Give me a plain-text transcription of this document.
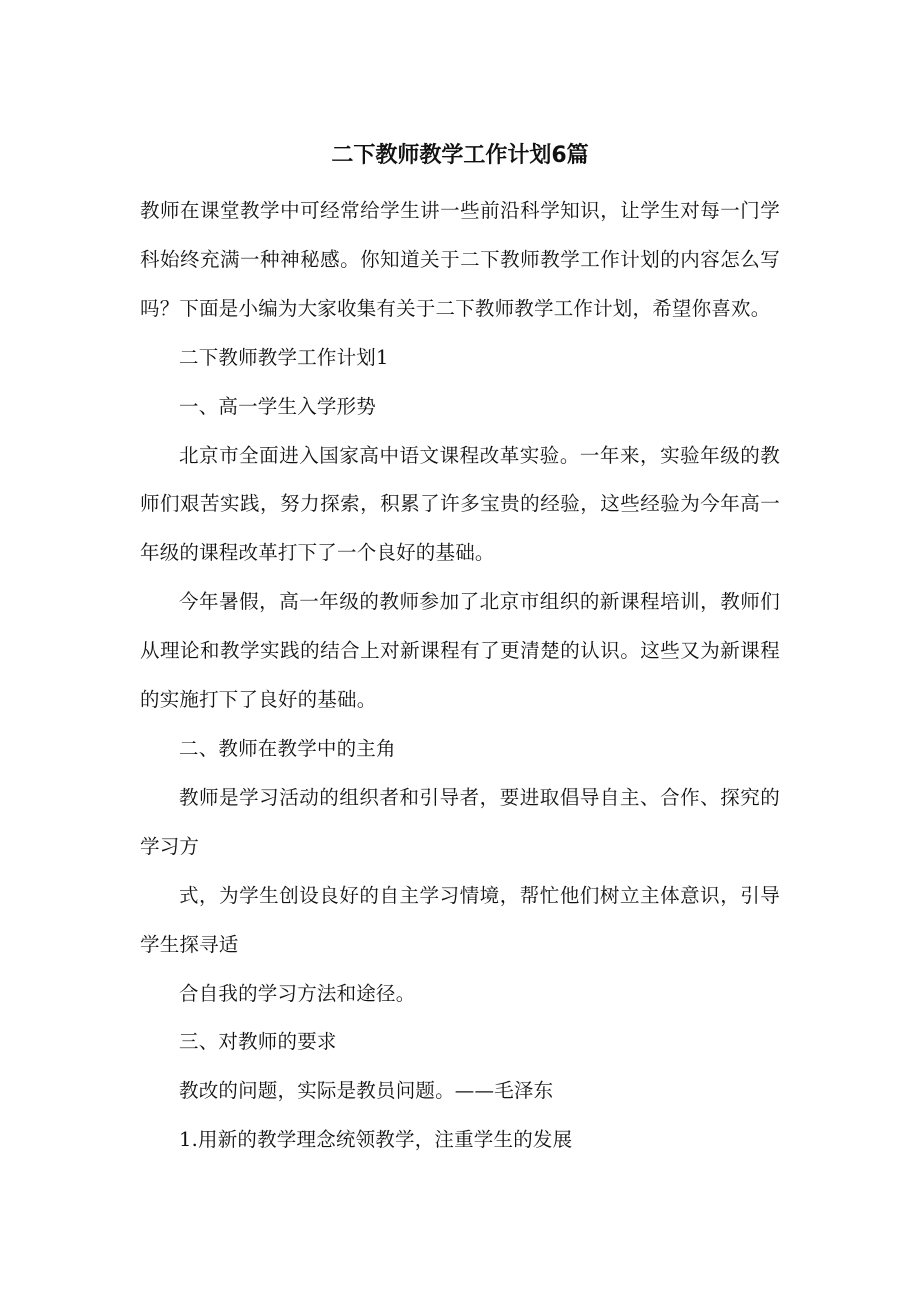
二下教师教学工作计划6篇

教师在课堂教学中可经常给学生讲一些前沿科学知识，让学生对每一门学科始终充满一种神秘感。你知道关于二下教师教学工作计划的内容怎么写吗？下面是小编为大家收集有关于二下教师教学工作计划，希望你喜欢。

二下教师教学工作计划1

一、高一学生入学形势

北京市全面进入国家高中语文课程改革实验。一年来，实验年级的教师们艰苦实践，努力探索，积累了许多宝贵的经验，这些经验为今年高一年级的课程改革打下了一个良好的基础。

今年暑假，高一年级的教师参加了北京市组织的新课程培训，教师们从理论和教学实践的结合上对新课程有了更清楚的认识。这些又为新课程的实施打下了良好的基础。

二、教师在教学中的主角

教师是学习活动的组织者和引导者，要进取倡导自主、合作、探究的学习方

式，为学生创设良好的自主学习情境，帮忙他们树立主体意识，引导学生探寻适

合自我的学习方法和途径。

三、对教师的要求

教改的问题，实际是教员问题。——毛泽东

1.用新的教学理念统领教学，注重学生的发展
